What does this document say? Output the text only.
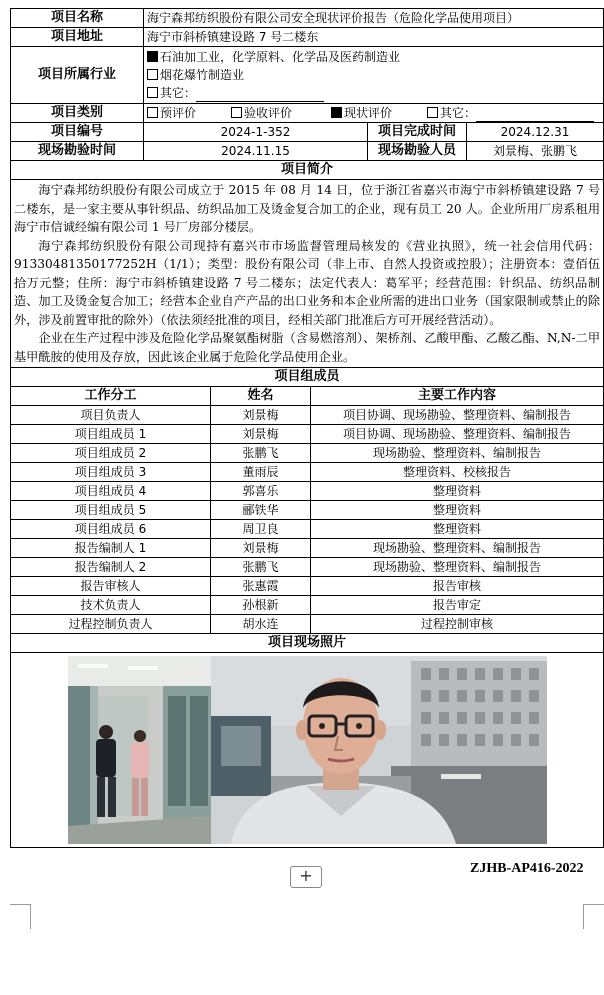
项目名称	海宁森邦纺织股份有限公司安全现状评价报告（危险化学品使用项目）		
项目地址	海宁市斜桥镇建设路 7 号二楼东		
项目所属行业	石油加工业，化学原料、化学品及医药制造业
烟花爆竹制造业
其它：		

项目类别	预评价 验收评价 现状评价 其它：		
项目编号	2024-1-352	项目完成时间	2024.12.31
现场勘验时间	2024.11.15	现场勘验人员	刘景梅、张鹏飞
项目简介			

海宁森邦纺织股份有限公司成立于 2015 年 08 月 14 日，位于浙江省嘉兴市海宁市斜桥镇建设路 7 号二楼东，是一家主要从事针织品、纺织品加工及烫金复合加工的企业，现有员工 20 人。企业所用厂房系租用海宁市信诚经编有限公司 1 号厂房部分楼层。

海宁森邦纺织股份有限公司现持有嘉兴市市场监督管理局核发的《营业执照》，统一社会信用代码：91330481350177252H（1/1）；类型：股份有限公司（非上市、自然人投资或控股）；注册资本：壹佰伍拾万元整；住所：海宁市斜桥镇建设路 7 号二楼东；法定代表人：葛军平；经营范围：针织品、纺织品制造、加工及烫金复合加工；经营本企业自产产品的出口业务和本企业所需的进出口业务（国家限制或禁止的除外，涉及前置审批的除外）（依法须经批准的项目，经相关部门批准后方可开展经营活动）。

企业在生产过程中涉及危险化学品聚氨酯树脂（含易燃溶剂）、架桥剂、乙酸甲酯、乙酸乙酯、N,N-二甲基甲酰胺的使用及存放，因此该企业属于危险化学品使用企业。			

项目组成员			
工作分工	姓名	主要工作内容
项目负责人	刘景梅	项目协调、现场勘验、整理资料、编制报告
项目组成员 1	刘景梅	项目协调、现场勘验、整理资料、编制报告
项目组成员 2	张鹏飞	现场勘验、整理资料、编制报告
项目组成员 3	董雨辰	整理资料、校核报告
项目组成员 4	郭喜乐	整理资料
项目组成员 5	郦铁华	整理资料
项目组成员 6	周卫良	整理资料
报告编制人 1	刘景梅	现场勘验、整理资料、编制报告
报告编制人 2	张鹏飞	现场勘验、整理资料、编制报告
报告审核人	张惠霞	报告审核
技术负责人	孙根新	报告审定
过程控制负责人	胡水连	过程控制审核
项目现场照片		

ZJHB-AP416-2022
+
